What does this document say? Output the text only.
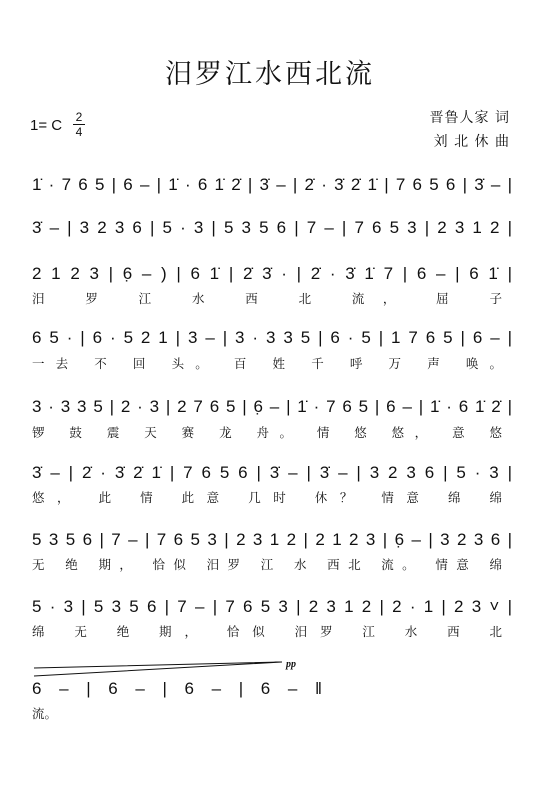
汨罗江水西北流
1= C 2
4
晋鲁人家 词
刘 北 休 曲
1̇ · 7 6 5 | 6 – | 1̇ · 6 1̇ 2̇ | 3̇ – | 2̇ · 3̇ 2̇ 1̇ | 7 6 5 6 | 3̇ – |
3̇ – | 3 2 3 6 | 5 · 3 | 5 3 5 6 | 7 – | 7 6 5 3 | 2 3 1 2 |
2 1 2 3 | 6̣ – ) | 6 1̇ | 2̇ 3̇ · | 2̇ · 3̇ 1̇ 7 | 6 – | 6 1̇ |
汨 罗 江 水 西 北 流， 屈 子
6 5 · | 6 · 5 2 1 | 3 – | 3 · 3 3 5 | 6 · 5 | 1 7 6 5 | 6 – |
一去 不 回 头。 百 姓 千 呼 万 声 唤。
3 · 3 3 5 | 2 · 3 | 2 7 6 5 | 6̣ – | 1̇ · 7 6 5 | 6 – | 1̇ · 6 1̇ 2̇ |
锣 鼓 震 天 赛 龙 舟。 情 悠 悠， 意 悠
3̇ – | 2̇ · 3̇ 2̇ 1̇ | 7 6 5 6 | 3̇ – | 3̇ – | 3 2 3 6 | 5 · 3 |
悠， 此 情 此意 几时 休？ 情意 绵 绵
5 3 5 6 | 7 – | 7 6 5 3 | 2 3 1 2 | 2 1 2 3 | 6̣ – | 3 2 3 6 |
无 绝 期， 恰似 汨罗 江 水 西北 流。 情意 绵
5 · 3 | 5 3 5 6 | 7 – | 7 6 5 3 | 2 3 1 2 | 2 · 1 | 2 3 ˅ |
绵 无 绝 期， 恰似 汨罗 江 水 西 北
6 – | 6 – | 6 – | 6 – ‖
流。
pp
